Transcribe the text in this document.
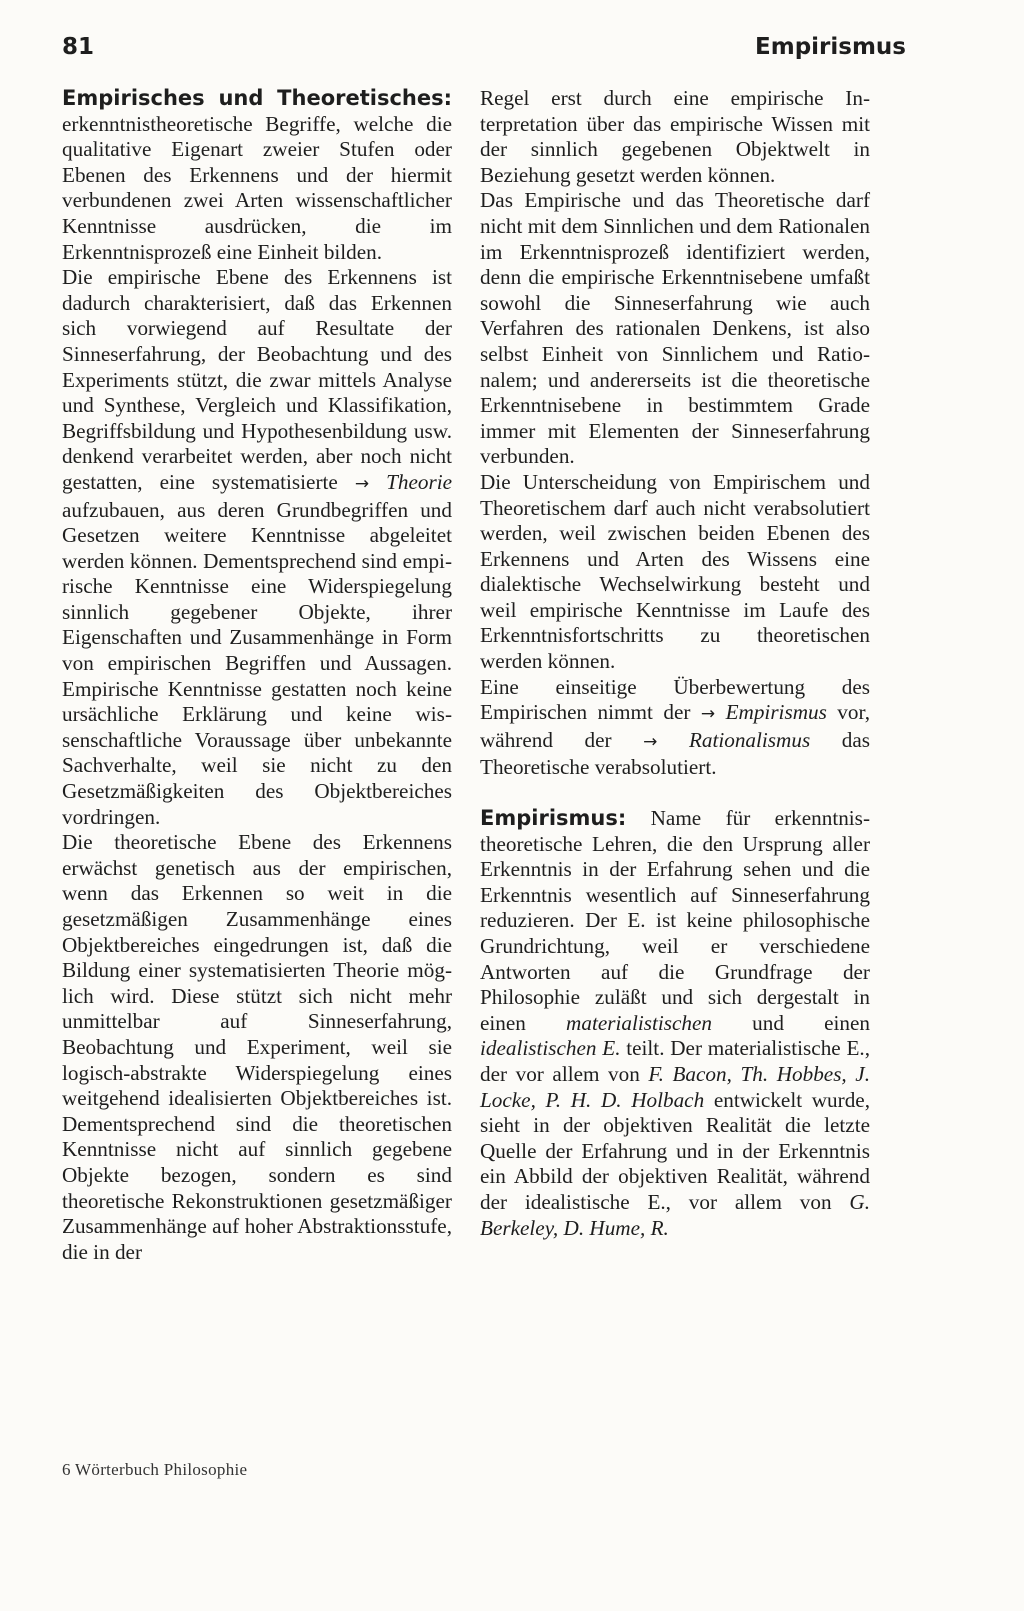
81	Empirismus

Empirisches und Theoretisches: erkenntnistheoretische Begriffe, welche die qualitative Eigenart zweier Stufen oder Ebenen des Erkennens und der hiermit verbundenen zwei Arten wissenschaftlicher Kenntnisse ausdrücken, die im Erkenntnisprozeß eine Einheit bilden.

Die empirische Ebene des Erkennens ist dadurch charakterisiert, daß das Erkennen sich vorwiegend auf Resultate der Sinneserfahrung, der Beobachtung und des Experiments stützt, die zwar mittels Analyse und Synthese, Vergleich und Klassifikation, Begriffsbildung und Hypothesenbildung usw. denkend verarbeitet werden, aber noch nicht gestatten, eine systematisierte → Theorie aufzubauen, aus deren Grundbegriffen und Gesetzen weitere Kenntnisse abgeleitet werden können. Dementsprechend sind empirische Kenntnisse eine Widerspiegelung sinnlich gegebener Objekte, ihrer Eigenschaften und Zusammenhänge in Form von empirischen Begriffen und Aussagen. Empirische Kenntnisse gestatten noch keine ursächliche Erklärung und keine wissenschaftliche Voraussage über unbekannte Sachverhalte, weil sie nicht zu den Gesetzmäßigkeiten des Objektbereiches vordringen.

Die theoretische Ebene des Erkennens erwächst genetisch aus der empirischen, wenn das Erkennen so weit in die gesetzmäßigen Zusammenhänge eines Objektbereiches eingedrungen ist, daß die Bildung einer systematisierten Theorie möglich wird. Diese stützt sich nicht mehr unmittelbar auf Sinneserfahrung, Beobachtung und Experiment, weil sie logisch-abstrakte Widerspiegelung eines weitgehend idealisierten Objektbereiches ist. Dementsprechend sind die theoretischen Kenntnisse nicht auf sinnlich gegebene Objekte bezogen, sondern es sind theoretische Rekonstruktionen gesetzmäßiger Zusammenhänge auf hoher Abstraktionsstufe, die in der

Regel erst durch eine empirische Interpretation über das empirische Wissen mit der sinnlich gegebenen Objektwelt in Beziehung gesetzt werden können.

Das Empirische und das Theoretische darf nicht mit dem Sinnlichen und dem Rationalen im Erkenntnisprozeß identifiziert werden, denn die empirische Erkenntnisebene umfaßt sowohl die Sinneserfahrung wie auch Verfahren des rationalen Denkens, ist also selbst Einheit von Sinnlichem und Rationalem; und andererseits ist die theoretische Erkenntnisebene in bestimmtem Grade immer mit Elementen der Sinneserfahrung verbunden.

Die Unterscheidung von Empirischem und Theoretischem darf auch nicht verabsolutiert werden, weil zwischen beiden Ebenen des Erkennens und Arten des Wissens eine dialektische Wechselwirkung besteht und weil empirische Kenntnisse im Laufe des Erkenntnisfortschritts zu theoretischen werden können.

Eine einseitige Überbewertung des Empirischen nimmt der → Empirismus vor, während der → Rationalismus das Theoretische verabsolutiert.

Empirismus: Name für erkenntnistheoretische Lehren, die den Ursprung aller Erkenntnis in der Erfahrung sehen und die Erkenntnis wesentlich auf Sinneserfahrung reduzieren. Der E. ist keine philosophische Grundrichtung, weil er verschiedene Antworten auf die Grundfrage der Philosophie zuläßt und sich dergestalt in einen materialistischen und einen idealistischen E. teilt. Der materialistische E., der vor allem von F. Bacon, Th. Hobbes, J. Locke, P. H. D. Holbach entwickelt wurde, sieht in der objektiven Realität die letzte Quelle der Erfahrung und in der Erkenntnis ein Abbild der objektiven Realität, während der idealistische E., vor allem von G. Berkeley, D. Hume, R.

6 Wörterbuch Philosophie
